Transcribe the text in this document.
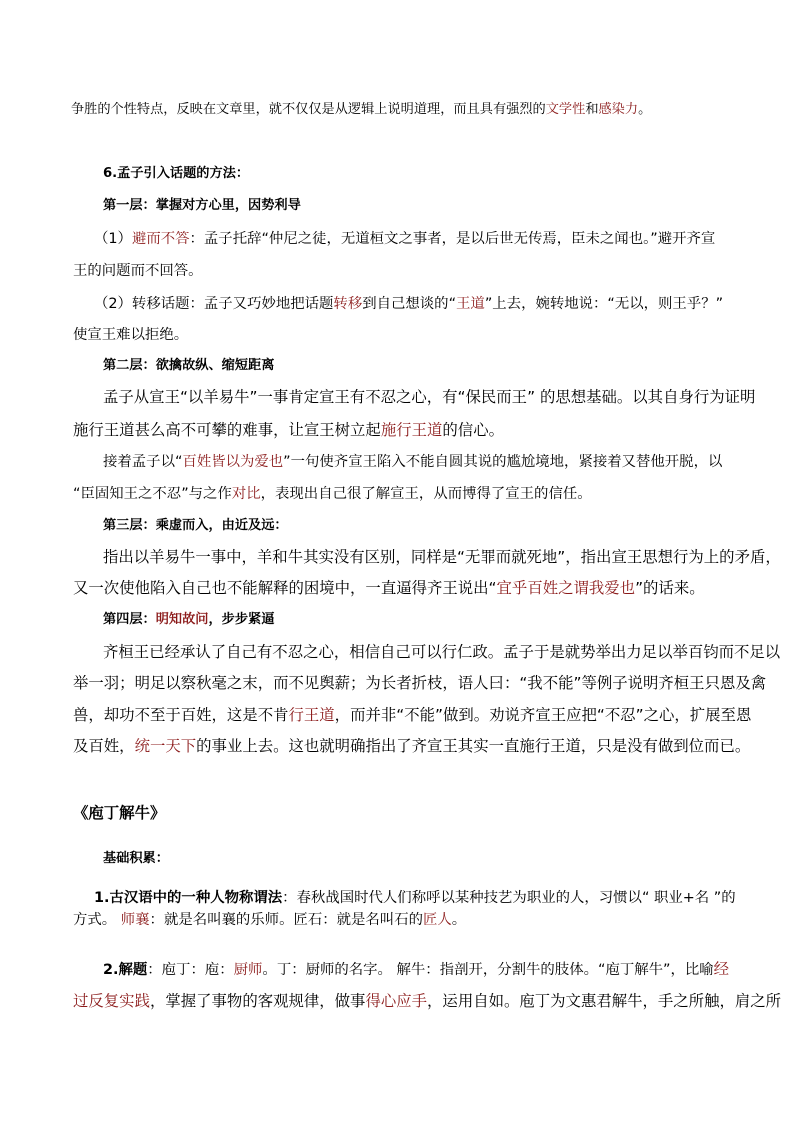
争胜的个性特点，反映在文章里，就不仅仅是从逻辑上说明道理，而且具有强烈的文学性和感染力。
6.孟子引入话题的方法：
第一层：掌握对方心里，因势利导
（1）避而不答：孟子托辞“仲尼之徒，无道桓文之事者，是以后世无传焉，臣未之闻也。”避开齐宣
王的问题而不回答。
（2）转移话题：孟子又巧妙地把话题转移到自己想谈的“王道”上去，婉转地说：“无以，则王乎？”
使宣王难以拒绝。
第二层：欲擒故纵、缩短距离
孟子从宣王“以羊易牛”一事肯定宣王有不忍之心，有“保民而王” 的思想基础。以其自身行为证明
施行王道甚么高不可攀的难事，让宣王树立起施行王道的信心。
接着孟子以“百姓皆以为爱也”一句使齐宣王陷入不能自圆其说的尴尬境地，紧接着又替他开脱，以
“臣固知王之不忍”与之作对比，表现出自己很了解宣王，从而博得了宣王的信任。
第三层：乘虚而入，由近及远：
指出以羊易牛一事中，羊和牛其实没有区别，同样是“无罪而就死地”，指出宣王思想行为上的矛盾，
又一次使他陷入自己也不能解释的困境中，一直逼得齐王说出“宜乎百姓之谓我爱也”的话来。
第四层：明知故问，步步紧逼
齐桓王已经承认了自己有不忍之心，相信自己可以行仁政。孟子于是就势举出力足以举百钧而不足以
举一羽；明足以察秋毫之末，而不见舆薪；为长者折枝，语人曰：“我不能”等例子说明齐桓王只恩及禽
兽，却功不至于百姓，这是不肯行王道，而并非“不能”做到。劝说齐宣王应把“不忍”之心，扩展至恩
及百姓，统一天下的事业上去。这也就明确指出了齐宣王其实一直施行王道，只是没有做到位而已。
《庖丁解牛》
基础积累：
1.古汉语中的一种人物称谓法：春秋战国时代人们称呼以某种技艺为职业的人，习惯以“ 职业+名 ”的
方式。 师襄：就是名叫襄的乐师。匠石：就是名叫石的匠人。
2.解题：庖丁：庖：厨师。丁：厨师的名字。 解牛：指剖开，分割牛的肢体。“庖丁解牛”，比喻经
过反复实践，掌握了事物的客观规律，做事得心应手，运用自如。庖丁为文惠君解牛，手之所触，肩之所
